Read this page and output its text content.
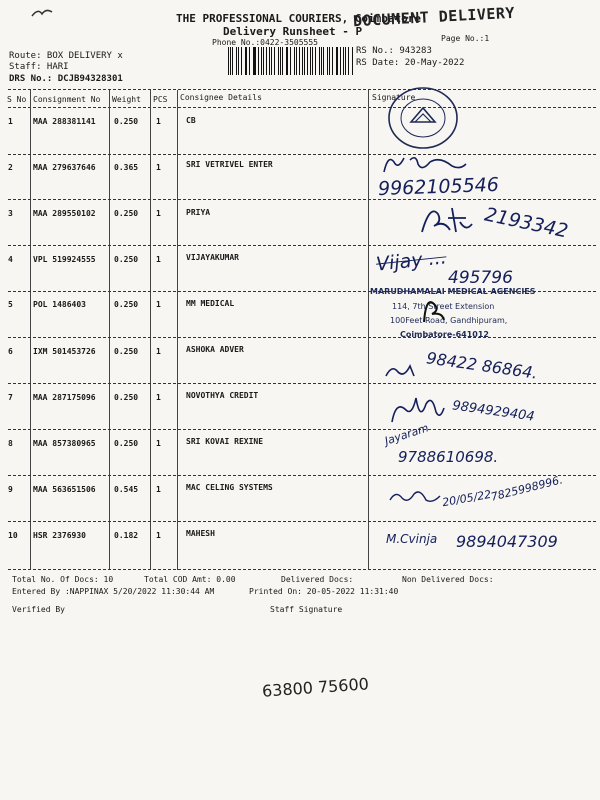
THE PROFESSIONAL COURIERS, Coimbatore
Delivery Runsheet - P
DOCUMENT DELIVERY
Phone No.:0422-3505555	Page No.:1
Route: BOX DELIVERY x
Staff: HARI
DRS No.: DCJB94328301
RS No.: 943283
RS Date: 20-May-2022
S No Consignment No Weight PCS Consignee Details	Signature
1	MAA 288381141 0.250 1	CB
2	MAA 279637646 0.365 1	SRI VETRIVEL ENTER
3	MAA 289550102 0.250 1	PRIYA
4	VPL 519924555 0.250 1	VIJAYAKUMAR
5	POL 1486403	0.250 1	MM MEDICAL
6	IXM 501453726 0.250 1	ASHOKA ADVER
7	MAA 287175096 0.250 1	NOVOTHYA CREDIT
8	MAA 857380965 0.250 1	SRI KOVAI REXINE
9	MAA 563651506 0.545 1	MAC CELING SYSTEMS
10 HSR 2376930	0.182 1	MAHESH
9962105546
2193342
Vijay ...
495796
MARUDHAMALAI MEDICAL AGENCIES
114, 7th Street Extension
100Feet Road, Gandhipuram,
Coimbatore-641012
98422 86864.
9894929404
Jayaram
9788610698.
20/05/22
7825998996.
M.Cvinja 9894047309
Total No. Of Docs: 10	Total COD Amt: 0.00	Delivered Docs:	Non Delivered Docs:
Entered By :NAPPINAX 5/20/2022 11:30:44 AM	Printed On: 20-05-2022 11:31:40
Verified By	Staff Signature
63800 75600
